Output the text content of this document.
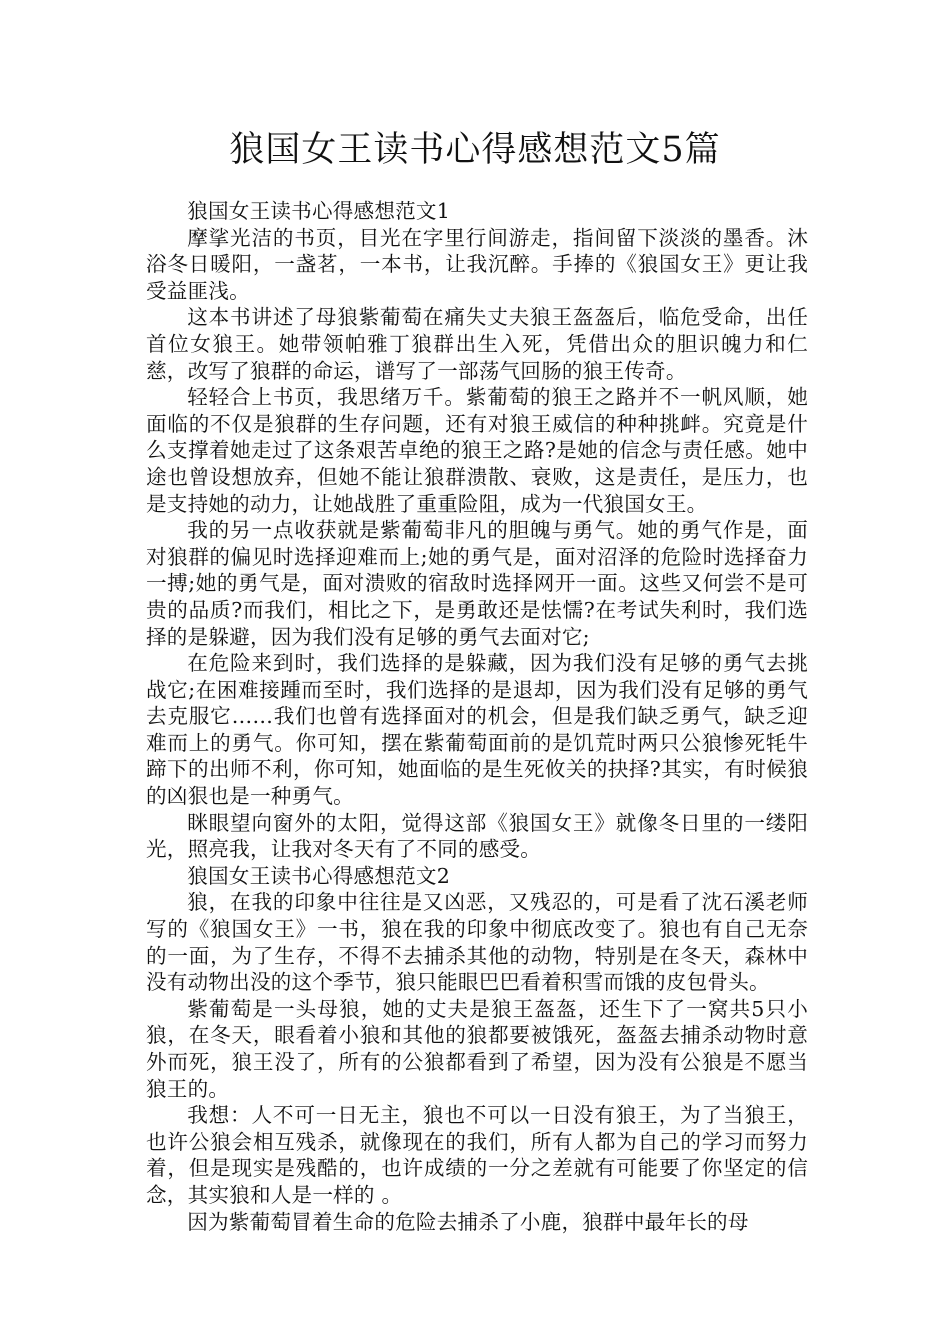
狼国女王读书心得感想范文5篇

狼国女王读书心得感想范文1

摩挲光洁的书页，目光在字里行间游走，指间留下淡淡的墨香。沐浴冬日暖阳，一盏茗，一本书，让我沉醉。手捧的《狼国女王》更让我受益匪浅。

这本书讲述了母狼紫葡萄在痛失丈夫狼王盔盔后，临危受命，出任首位女狼王。她带领帕雅丁狼群出生入死，凭借出众的胆识魄力和仁慈，改写了狼群的命运，谱写了一部荡气回肠的狼王传奇。

轻轻合上书页，我思绪万千。紫葡萄的狼王之路并不一帆风顺，她面临的不仅是狼群的生存问题，还有对狼王威信的种种挑衅。究竟是什么支撑着她走过了这条艰苦卓绝的狼王之路?是她的信念与责任感。她中途也曾设想放弃，但她不能让狼群溃散、衰败，这是责任，是压力，也是支持她的动力，让她战胜了重重险阻，成为一代狼国女王。

我的另一点收获就是紫葡萄非凡的胆魄与勇气。她的勇气作是，面对狼群的偏见时选择迎难而上;她的勇气是，面对沼泽的危险时选择奋力一搏;她的勇气是，面对溃败的宿敌时选择网开一面。这些又何尝不是可贵的品质?而我们，相比之下，是勇敢还是怯懦?在考试失利时，我们选择的是躲避，因为我们没有足够的勇气去面对它;

在危险来到时，我们选择的是躲藏，因为我们没有足够的勇气去挑战它;在困难接踵而至时，我们选择的是退却，因为我们没有足够的勇气去克服它……我们也曾有选择面对的机会，但是我们缺乏勇气，缺乏迎难而上的勇气。你可知，摆在紫葡萄面前的是饥荒时两只公狼惨死牦牛蹄下的出师不利，你可知，她面临的是生死攸关的抉择?其实，有时候狼的凶狠也是一种勇气。

眯眼望向窗外的太阳，觉得这部《狼国女王》就像冬日里的一缕阳光，照亮我，让我对冬天有了不同的感受。

狼国女王读书心得感想范文2

狼，在我的印象中往往是又凶恶，又残忍的，可是看了沈石溪老师写的《狼国女王》一书，狼在我的印象中彻底改变了。狼也有自己无奈的一面，为了生存，不得不去捕杀其他的动物，特别是在冬天，森林中没有动物出没的这个季节，狼只能眼巴巴看着积雪而饿的皮包骨头。

紫葡萄是一头母狼，她的丈夫是狼王盔盔，还生下了一窝共5只小狼，在冬天，眼看着小狼和其他的狼都要被饿死，盔盔去捕杀动物时意外而死，狼王没了，所有的公狼都看到了希望，因为没有公狼是不愿当狼王的。

我想：人不可一日无主，狼也不可以一日没有狼王，为了当狼王，也许公狼会相互残杀，就像现在的我们，所有人都为自己的学习而努力着，但是现实是残酷的，也许成绩的一分之差就有可能要了你坚定的信念，其实狼和人是一样的 。

因为紫葡萄冒着生命的危险去捕杀了小鹿，狼群中最年长的母
